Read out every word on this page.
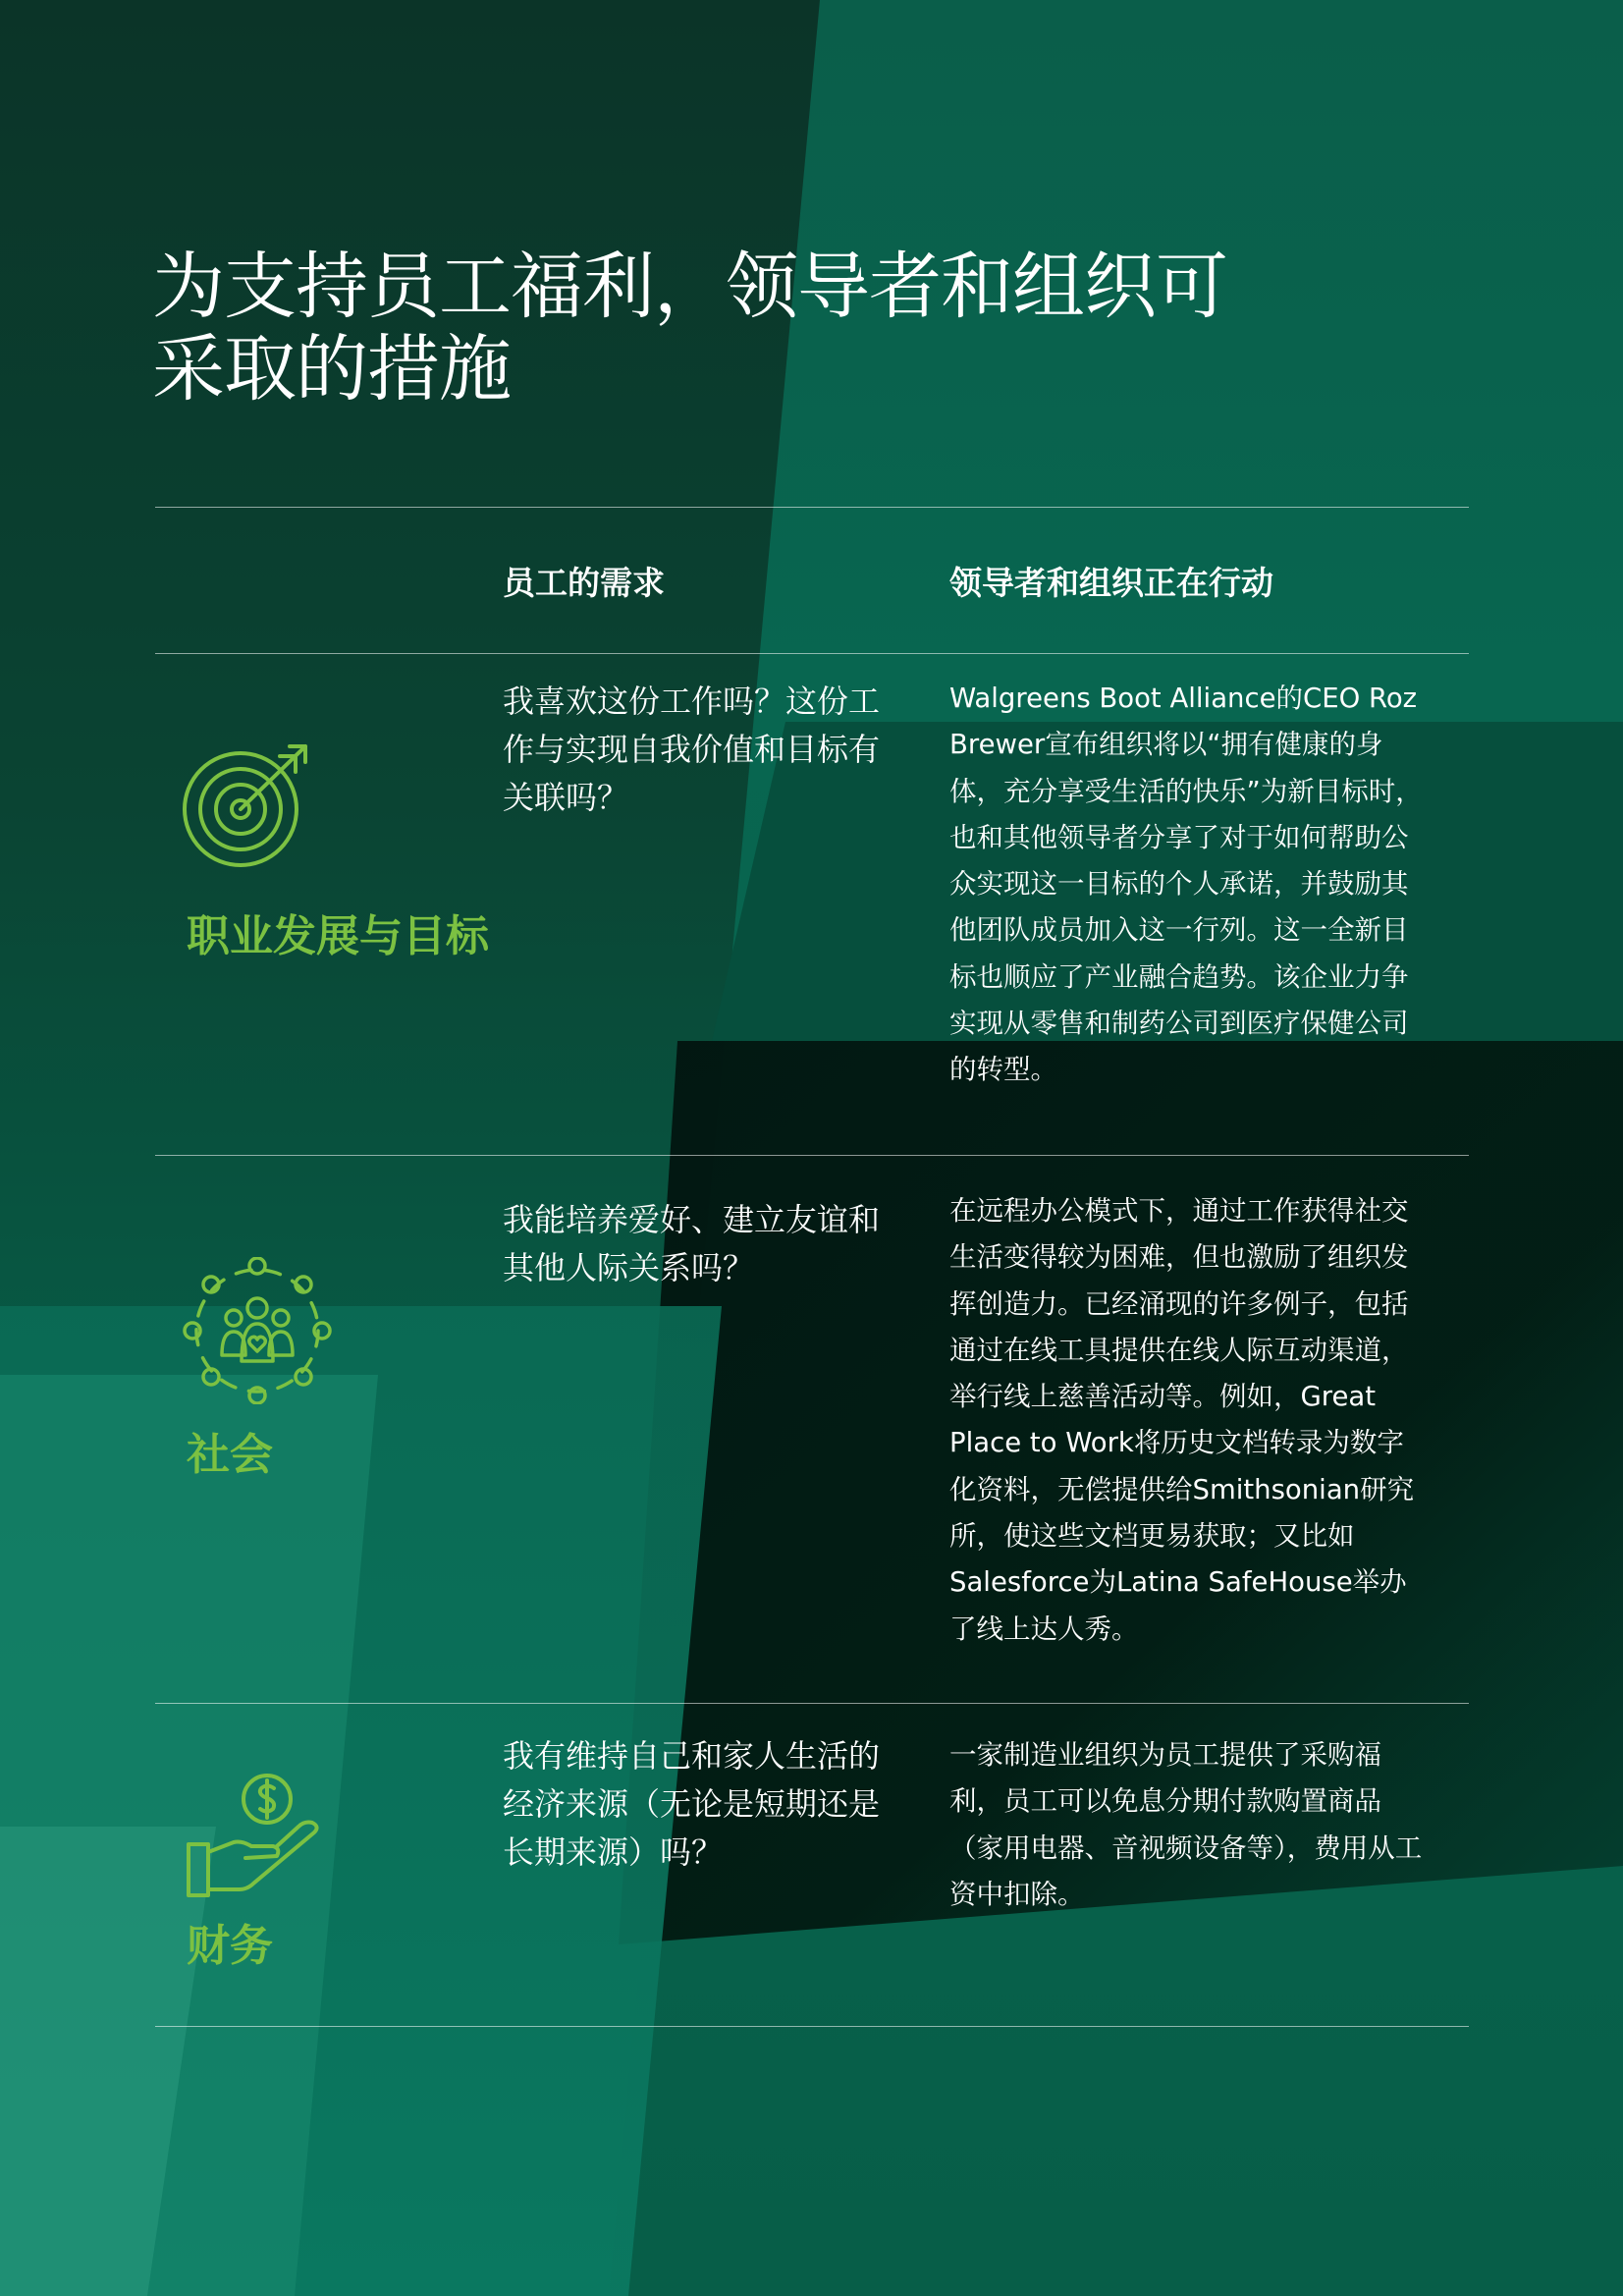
为支持员工福利，领导者和组织可
采取的措施
员工的需求	领导者和组织正在行动
职业发展与目标
我喜欢这份工作吗？这份工作与实现自我价值和目标有关联吗？
Walgreens Boot Alliance的CEO Roz Brewer宣布组织将以“拥有健康的身体，充分享受生活的快乐”为新目标时，也和其他领导者分享了对于如何帮助公众实现这一目标的个人承诺，并鼓励其他团队成员加入这一行列。这一全新目标也顺应了产业融合趋势。该企业力争实现从零售和制药公司到医疗保健公司的转型。
社会
我能培养爱好、建立友谊和其他人际关系吗？
在远程办公模式下，通过工作获得社交生活变得较为困难，但也激励了组织发挥创造力。已经涌现的许多例子，包括通过在线工具提供在线人际互动渠道，举行线上慈善活动等。例如，Great Place to Work将历史文档转录为数字化资料，无偿提供给Smithsonian研究所，使这些文档更易获取；又比如Salesforce为Latina SafeHouse举办了线上达人秀。
财务
我有维持自己和家人生活的经济来源（无论是短期还是长期来源）吗？
一家制造业组织为员工提供了采购福利，员工可以免息分期付款购置商品（家用电器、音视频设备等），费用从工资中扣除。
